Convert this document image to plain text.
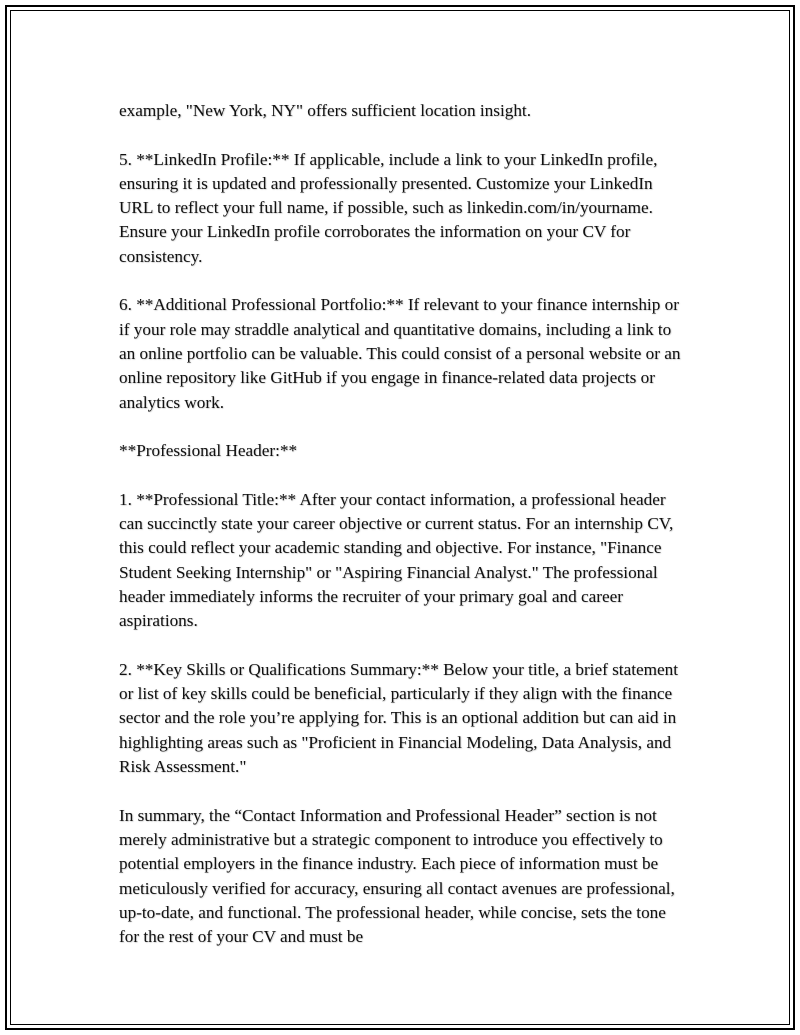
example, "New York, NY" offers sufficient location insight.

5. **LinkedIn Profile:** If applicable, include a link to your LinkedIn profile, ensuring it is updated and professionally presented. Customize your LinkedIn URL to reflect your full name, if possible, such as linkedin.com/in/yourname. Ensure your LinkedIn profile corroborates the information on your CV for consistency.

6. **Additional Professional Portfolio:** If relevant to your finance internship or if your role may straddle analytical and quantitative domains, including a link to an online portfolio can be valuable. This could consist of a personal website or an online repository like GitHub if you engage in finance-related data projects or analytics work.

**Professional Header:**

1. **Professional Title:** After your contact information, a professional header can succinctly state your career objective or current status. For an internship CV, this could reflect your academic standing and objective. For instance, "Finance Student Seeking Internship" or "Aspiring Financial Analyst." The professional header immediately informs the recruiter of your primary goal and career aspirations.

2. **Key Skills or Qualifications Summary:** Below your title, a brief statement or list of key skills could be beneficial, particularly if they align with the finance sector and the role you’re applying for. This is an optional addition but can aid in highlighting areas such as "Proficient in Financial Modeling, Data Analysis, and Risk Assessment."

In summary, the “Contact Information and Professional Header” section is not merely administrative but a strategic component to introduce you effectively to potential employers in the finance industry. Each piece of information must be meticulously verified for accuracy, ensuring all contact avenues are professional, up-to-date, and functional. The professional header, while concise, sets the tone for the rest of your CV and must be
